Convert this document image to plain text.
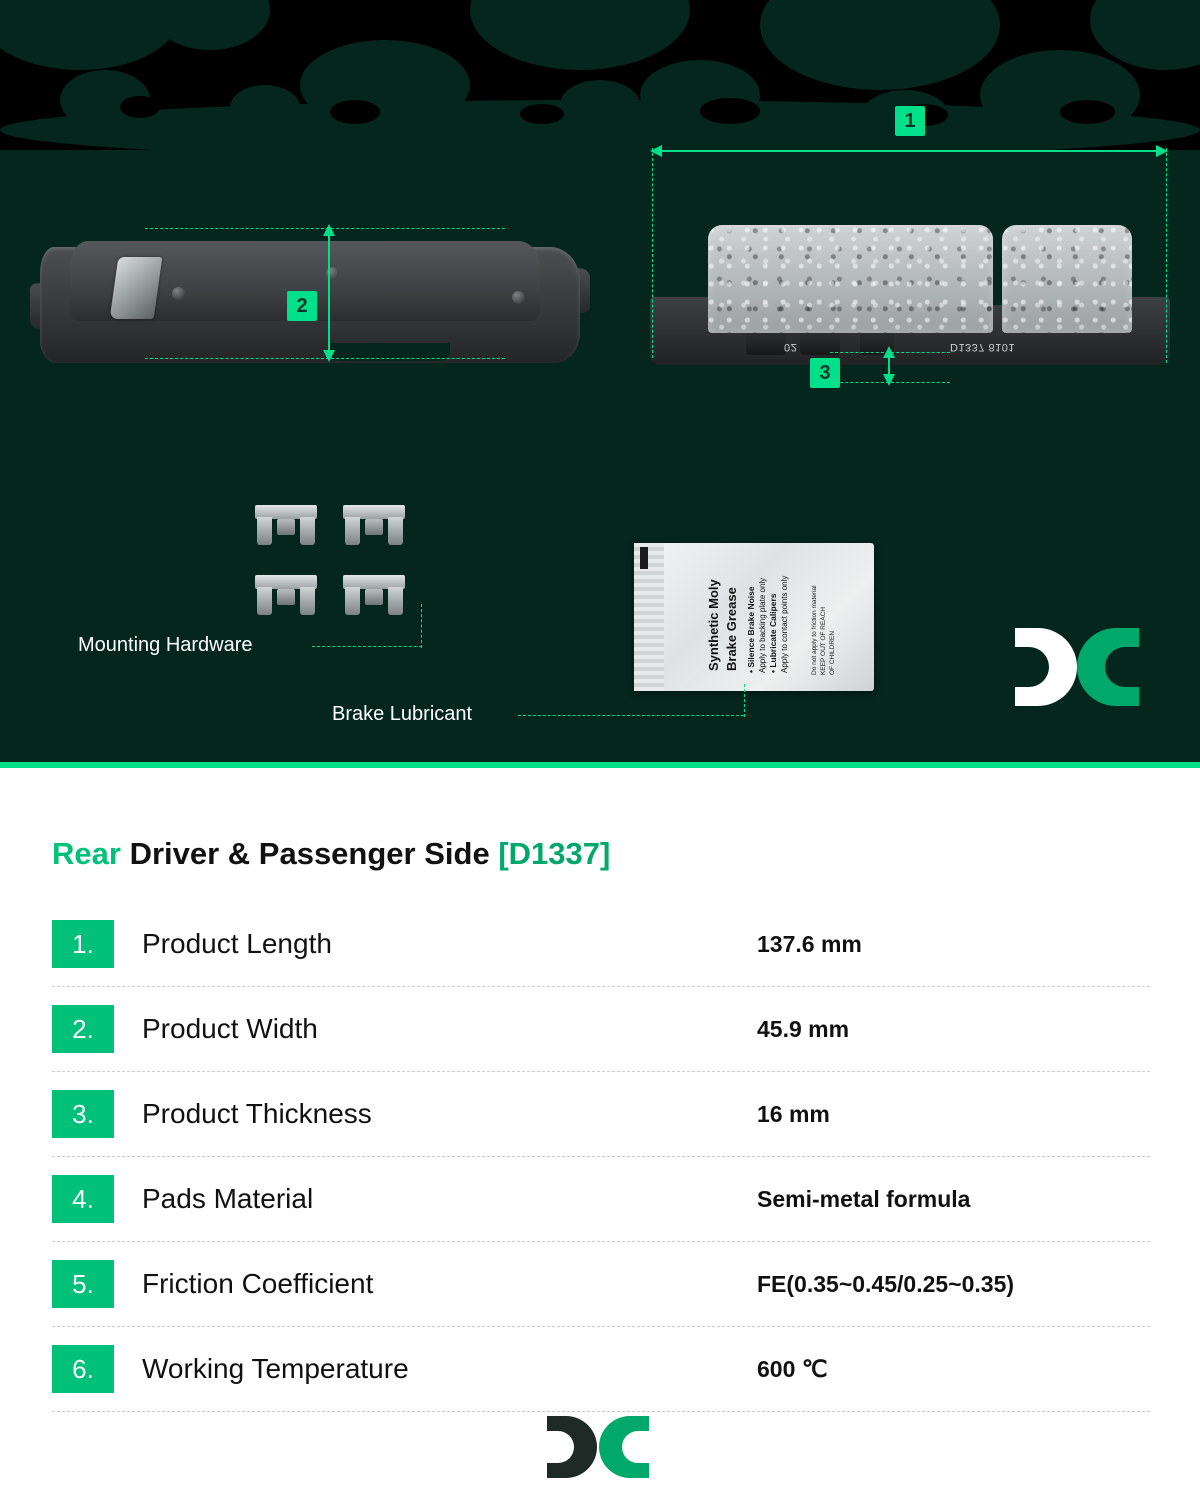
2
02	D1337 8101
1
3
Mounting Hardware	Synthetic Moly Brake Grease • Silence Brake Noise Apply to backing plate only
• Lubricate Calipers Apply to contact points only	Do not apply to friction material KEEP OUT OF REACH OF CHILDREN
Brake Lubricant
Rear Driver & Passenger Side [D1337]
1.	Product Length	137.6 mm
2.	Product Width	45.9 mm
3.	Product Thickness	16 mm
4.	Pads Material	Semi-metal formula
5.	Friction Coefficient	FE(0.35~0.45/0.25~0.35)
6.	Working Temperature	600 ℃
